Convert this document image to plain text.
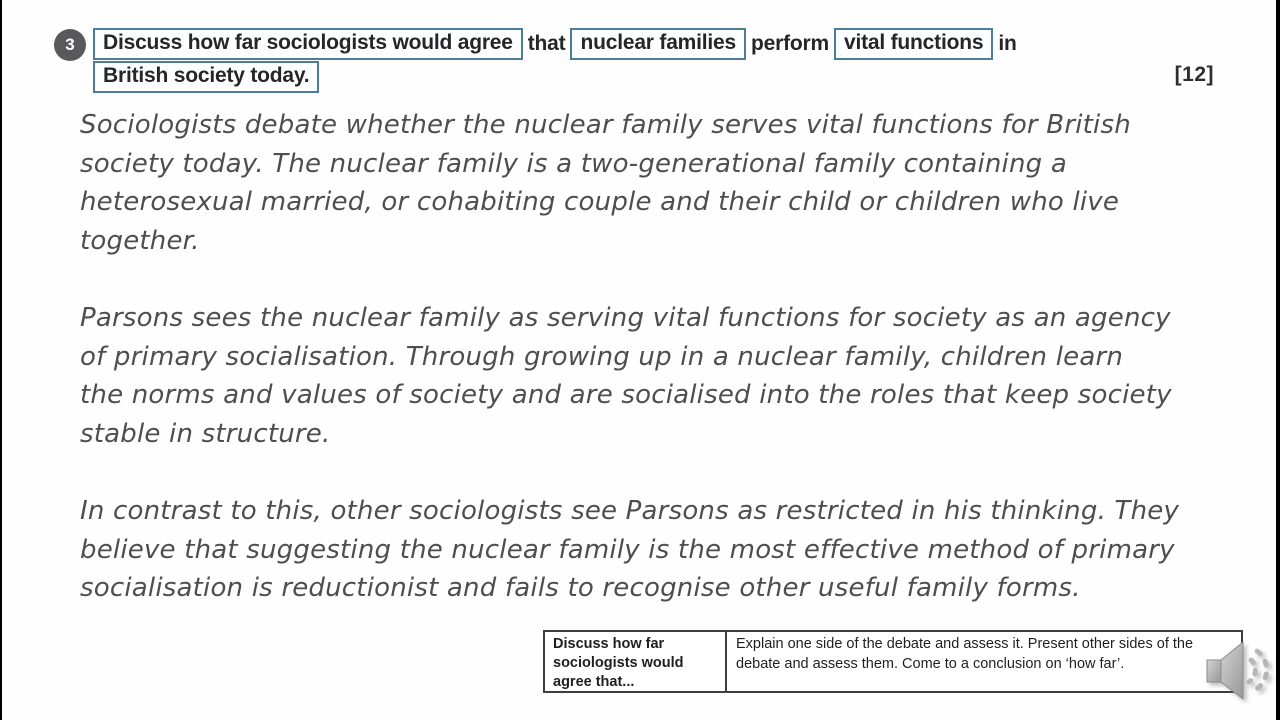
3	Discuss how far sociologists would agree that nuclear families perform vital functions in
British society today.	[12]
Sociologists debate whether the nuclear family serves vital functions for British
society today. The nuclear family is a two-generational family containing a
heterosexual married, or cohabiting couple and their child or children who live
together.
Parsons sees the nuclear family as serving vital functions for society as an agency
of primary socialisation. Through growing up in a nuclear family, children learn
the norms and values of society and are socialised into the roles that keep society
stable in structure.
In contrast to this, other sociologists see Parsons as restricted in his thinking. They
believe that suggesting the nuclear family is the most effective method of primary
socialisation is reductionist and fails to recognise other useful family forms.
Discuss how far sociologists would agree that...
Explain one side of the debate and assess it. Present other sides of the debate and assess them. Come to a conclusion on ‘how far’.
